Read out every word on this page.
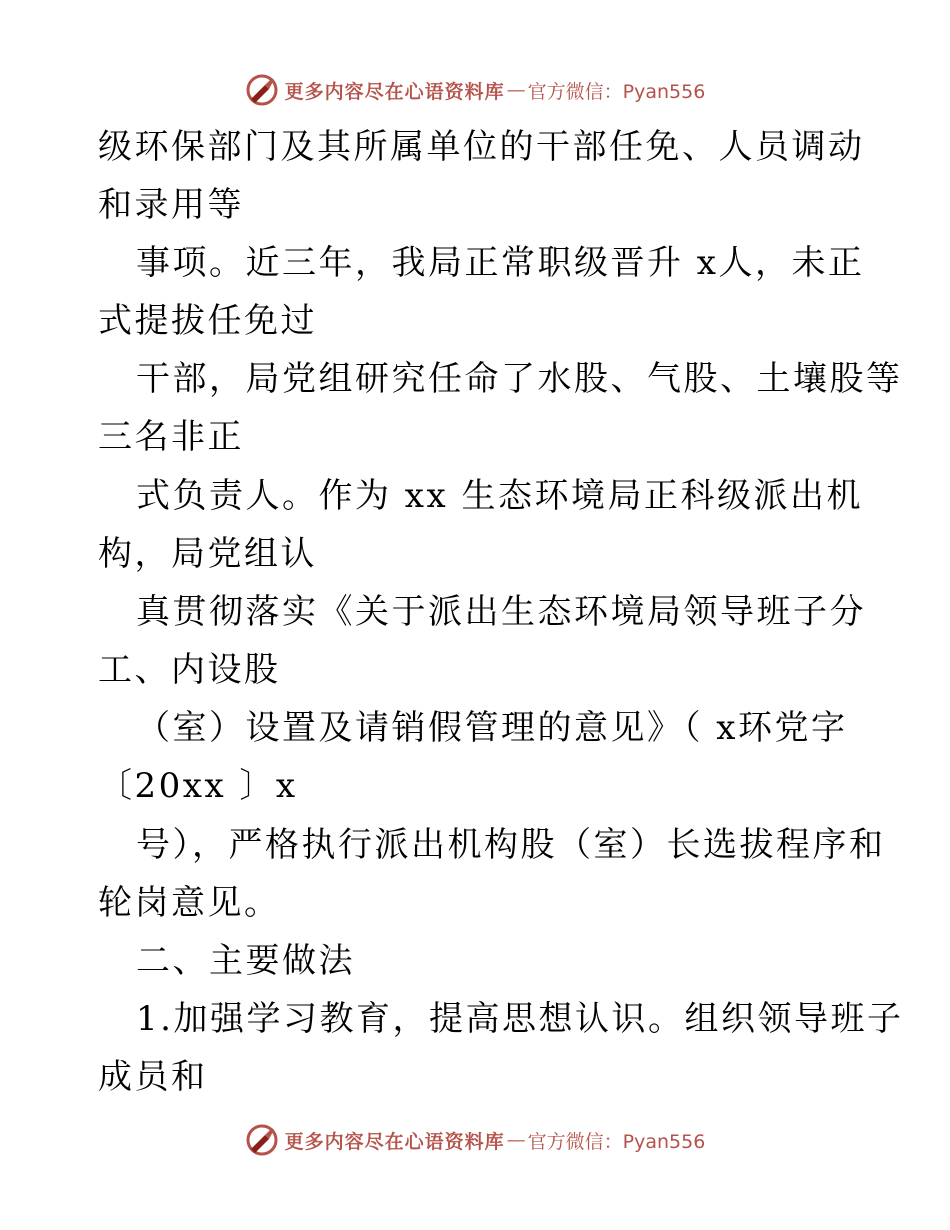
更多内容尽在心语资料库 — 官方微信：Pyan556
级环保部门及其所属单位的干部任免、人员调动
和录用等
事项。近三年，我局正常职级晋升 x人，未正
式提拔任免过
干部，局党组研究任命了水股、气股、土壤股等
三名非正
式负责人。作为 xx 生态环境局正科级派出机
构，局党组认
真贯彻落实《关于派出生态环境局领导班子分
工、内设股
（室）设置及请销假管理的意见》（ x环党字
〔20xx 〕x
号），严格执行派出机构股（室）长选拔程序和
轮岗意见。
二、主要做法
1.加强学习教育，提高思想认识。组织领导班子
成员和
更多内容尽在心语资料库 — 官方微信：Pyan556
